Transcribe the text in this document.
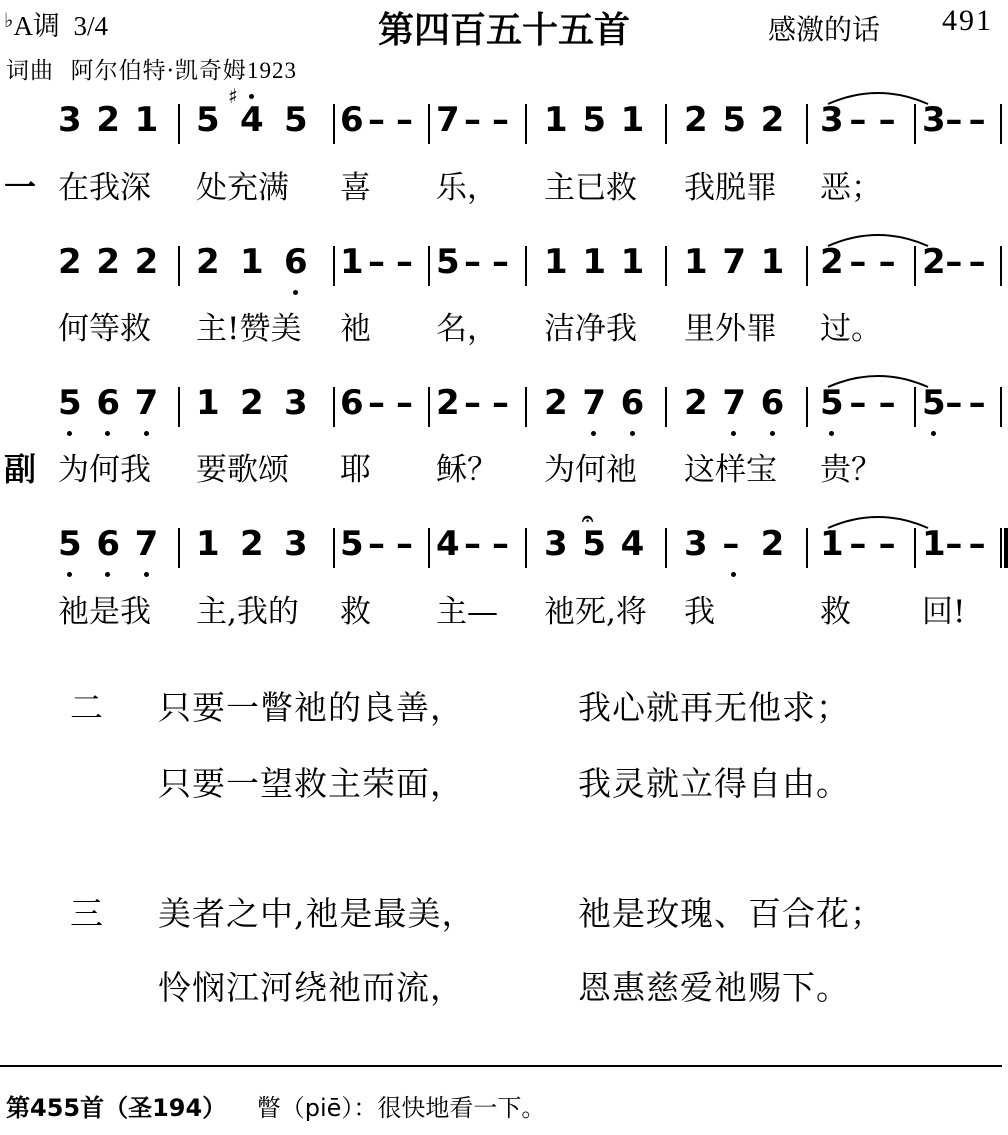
♭A调 3/4	第四百五十五首	感激的话 491
词曲 阿尔伯特·凯奇姆1923
3 2 1 5 4
♯
5 6 – – 7 – – 1 5 1 2 5 2 3 – – 3 – –
一 在我深 处充满 喜 乐， 主已救 我脱罪 恶；
2 2 2 2 1 6 1 – – 5 – – 1 1 1 1 7 1 2 – – 2 – –
何等救 主!赞美 祂 名， 洁净我 里外罪 过。
5 6 7 1 2 3 6 – – 2 – – 2 7 6 2 7 6 5 – – 5 – –
副 为何我 要歌颂 耶 稣？ 为何祂 这样宝 贵？
5 6 7 1 2 3 5 – – 4 – – 3 5 4 3 – 2 1 – – 1 – –
𝄐
祂是我 主,我的 救 主— 祂死,将 我	救 回!
二 只要一瞥祂的良善，	我心就再无他求；
只要一望救主荣面，	我灵就立得自由。
三 美者之中,祂是最美，	祂是玫瑰、百合花；
怜悯江河绕祂而流，	恩惠慈爱祂赐下。
第455首（圣194） 瞥（piē）：很快地看一下。
